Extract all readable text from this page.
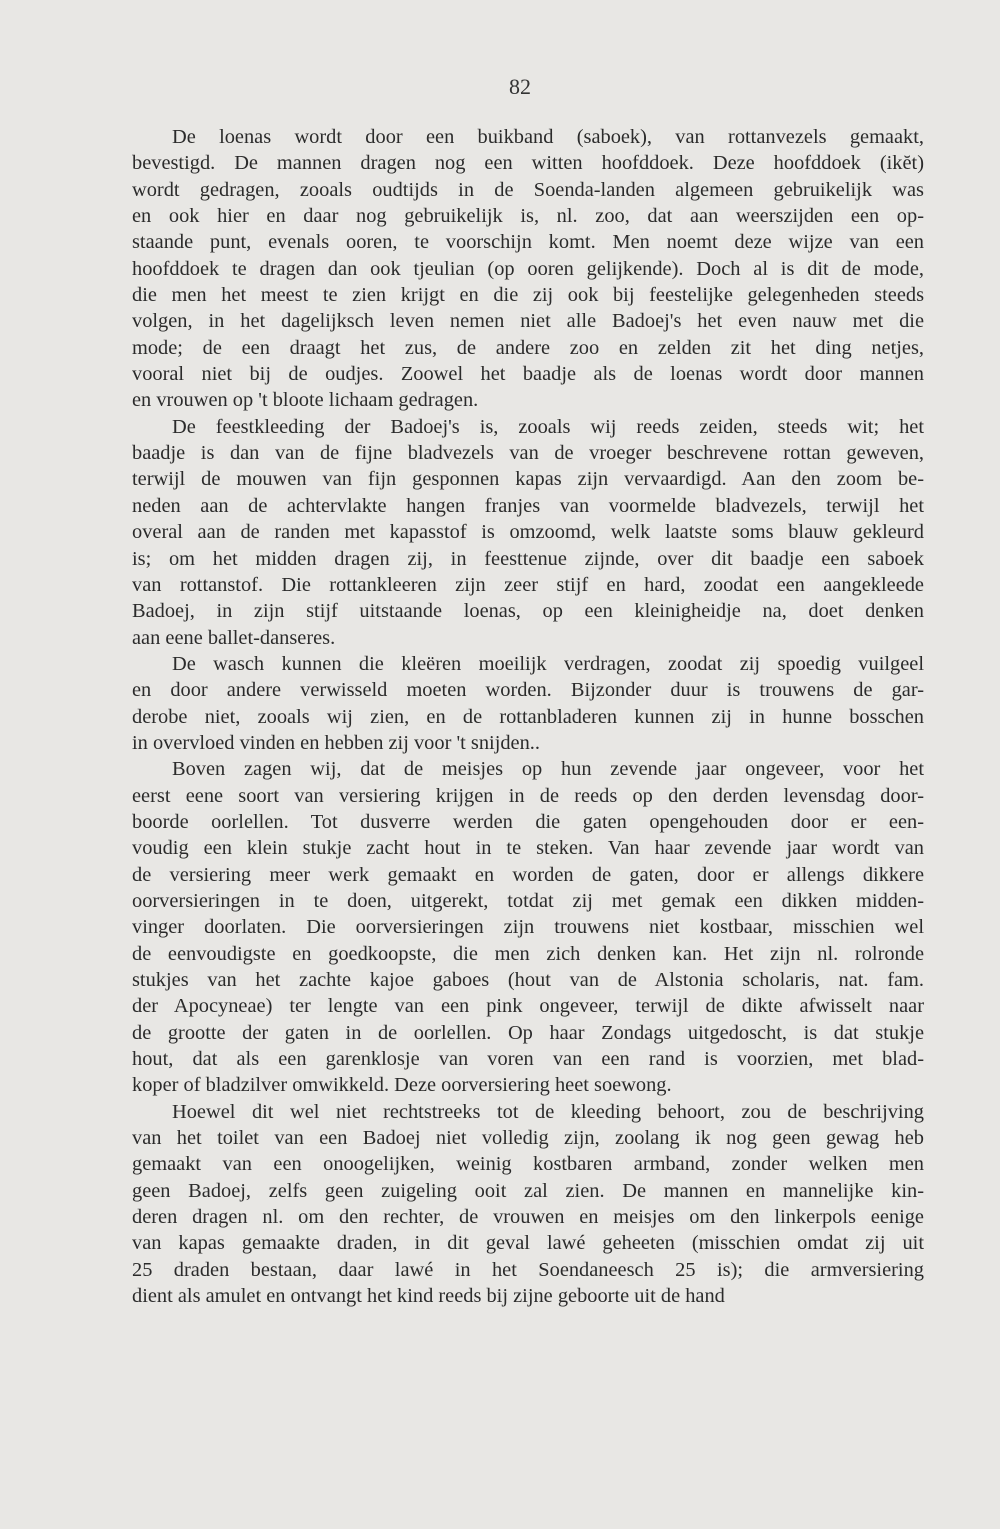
82
De loenas wordt door een buikband (saboek), van rottanvezels gemaakt,
bevestigd. De mannen dragen nog een witten hoofddoek. Deze hoofddoek (ikĕt)
wordt gedragen, zooals oudtijds in de Soenda-landen algemeen gebruikelijk was
en ook hier en daar nog gebruikelijk is, nl. zoo, dat aan weerszijden een op-
staande punt, evenals ooren, te voorschijn komt. Men noemt deze wijze van een
hoofddoek te dragen dan ook tjeulian (op ooren gelijkende). Doch al is dit de mode,
die men het meest te zien krijgt en die zij ook bij feestelijke gelegenheden steeds
volgen, in het dagelijksch leven nemen niet alle Badoej's het even nauw met die
mode; de een draagt het zus, de andere zoo en zelden zit het ding netjes,
vooral niet bij de oudjes. Zoowel het baadje als de loenas wordt door mannen
en vrouwen op 't bloote lichaam gedragen.
De feestkleeding der Badoej's is, zooals wij reeds zeiden, steeds wit; het
baadje is dan van de fijne bladvezels van de vroeger beschrevene rottan geweven,
terwijl de mouwen van fijn gesponnen kapas zijn vervaardigd. Aan den zoom be-
neden aan de achtervlakte hangen franjes van voormelde bladvezels, terwijl het
overal aan de randen met kapasstof is omzoomd, welk laatste soms blauw gekleurd
is; om het midden dragen zij, in feesttenue zijnde, over dit baadje een saboek
van rottanstof. Die rottankleeren zijn zeer stijf en hard, zoodat een aangekleede
Badoej, in zijn stijf uitstaande loenas, op een kleinigheidje na, doet denken
aan eene ballet-danseres.
De wasch kunnen die kleëren moeilijk verdragen, zoodat zij spoedig vuilgeel
en door andere verwisseld moeten worden. Bijzonder duur is trouwens de gar-
derobe niet, zooals wij zien, en de rottanbladeren kunnen zij in hunne bosschen
in overvloed vinden en hebben zij voor 't snijden..
Boven zagen wij, dat de meisjes op hun zevende jaar ongeveer, voor het
eerst eene soort van versiering krijgen in de reeds op den derden levensdag door-
boorde oorlellen. Tot dusverre werden die gaten opengehouden door er een-
voudig een klein stukje zacht hout in te steken. Van haar zevende jaar wordt van
de versiering meer werk gemaakt en worden de gaten, door er allengs dikkere
oorversieringen in te doen, uitgerekt, totdat zij met gemak een dikken midden-
vinger doorlaten. Die oorversieringen zijn trouwens niet kostbaar, misschien wel
de eenvoudigste en goedkoopste, die men zich denken kan. Het zijn nl. rolronde
stukjes van het zachte kajoe gaboes (hout van de Alstonia scholaris, nat. fam.
der Apocyneae) ter lengte van een pink ongeveer, terwijl de dikte afwisselt naar
de grootte der gaten in de oorlellen. Op haar Zondags uitgedoscht, is dat stukje
hout, dat als een garenklosje van voren van een rand is voorzien, met blad-
koper of bladzilver omwikkeld. Deze oorversiering heet soewong.
Hoewel dit wel niet rechtstreeks tot de kleeding behoort, zou de beschrijving
van het toilet van een Badoej niet volledig zijn, zoolang ik nog geen gewag heb
gemaakt van een onoogelijken, weinig kostbaren armband, zonder welken men
geen Badoej, zelfs geen zuigeling ooit zal zien. De mannen en mannelijke kin-
deren dragen nl. om den rechter, de vrouwen en meisjes om den linkerpols eenige
van kapas gemaakte draden, in dit geval lawé geheeten (misschien omdat zij uit
25 draden bestaan, daar lawé in het Soendaneesch 25 is); die armversiering
dient als amulet en ontvangt het kind reeds bij zijne geboorte uit de hand
